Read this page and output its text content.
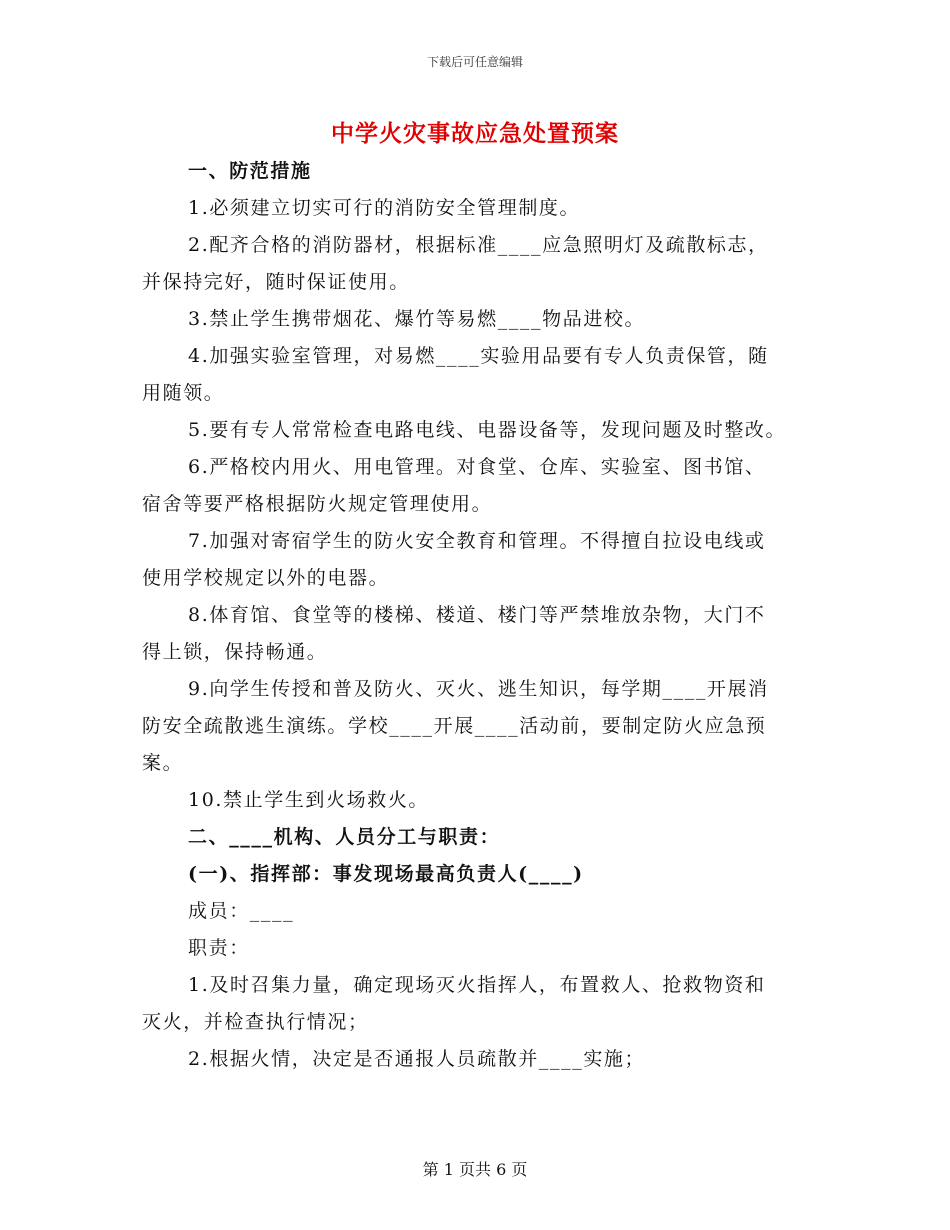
下载后可任意编辑
中学火灾事故应急处置预案
一、防范措施
1.必须建立切实可行的消防安全管理制度。
2.配齐合格的消防器材，根据标准____应急照明灯及疏散标志，
并保持完好，随时保证使用。
3.禁止学生携带烟花、爆竹等易燃____物品进校。
4.加强实验室管理，对易燃____实验用品要有专人负责保管，随
用随领。
5.要有专人常常检查电路电线、电器设备等，发现问题及时整改。
6.严格校内用火、用电管理。对食堂、仓库、实验室、图书馆、
宿舍等要严格根据防火规定管理使用。
7.加强对寄宿学生的防火安全教育和管理。不得擅自拉设电线或
使用学校规定以外的电器。
8.体育馆、食堂等的楼梯、楼道、楼门等严禁堆放杂物，大门不
得上锁，保持畅通。
9.向学生传授和普及防火、灭火、逃生知识，每学期____开展消
防安全疏散逃生演练。学校____开展____活动前，要制定防火应急预
案。
10.禁止学生到火场救火。
二、____机构、人员分工与职责：
(一)、指挥部：事发现场最高负责人(____)
成员：____
职责：
1.及时召集力量，确定现场灭火指挥人，布置救人、抢救物资和
灭火，并检查执行情况；
2.根据火情，决定是否通报人员疏散并____实施；
第 1 页共 6 页
